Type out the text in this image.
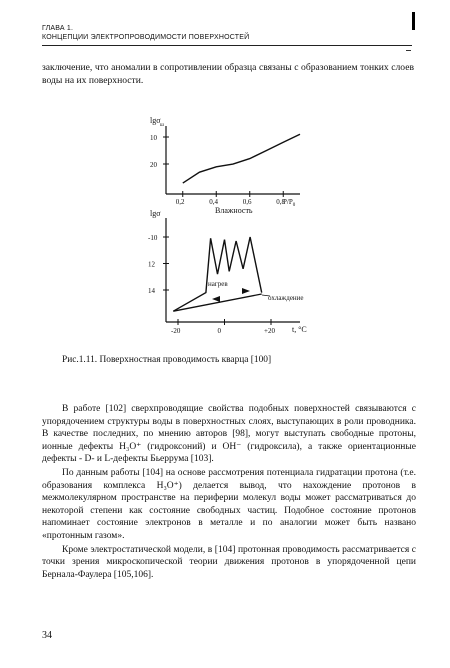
ГЛАВА 1.
КОНЦЕПЦИИ ЭЛЕКТРОПРОВОДИМОСТИ ПОВЕРХНОСТЕЙ
заключение, что аномалии в сопротивлении образца связаны с образованием тонких слоев воды на их поверхности.
lgσ
ш
10
20
0,2	0,4	0,6	0,8
Влажность
$P/P_0$
lgσ
-10
12
14
-20	0	+20
нагрев
охлаждение
t, °C
Рис.1.11. Поверхностная проводимость кварца [100]

В работе [102] сверхпроводящие свойства подобных поверхностей связываются с упорядочением структуры воды в поверхностных слоях, выступающих в роли проводника. В качестве последних, по мнению авторов [98], могут выступать свободные протоны, ионные дефекты H₃O⁺ (гидроксоний) и OH⁻ (гидроксила), а также ориентационные дефекты - D- и L-дефекты Бьеррума [103].

По данным работы [104] на основе рассмотрения потенциала гидратации протона (т.е. образования комплекса H₃O⁺) делается вывод, что нахождение протонов в межмолекулярном пространстве на периферии молекул воды может рассматриваться до некоторой степени как состояние свободных частиц. Подобное состояние протонов напоминает состояние электронов в металле и по аналогии может быть названо «протонным газом».

Кроме электростатической модели, в [104] протонная проводимость рассматривается с точки зрения микроскопической теории движения протонов в упорядоченной цепи Бернала-Фаулера [105,106].

34
